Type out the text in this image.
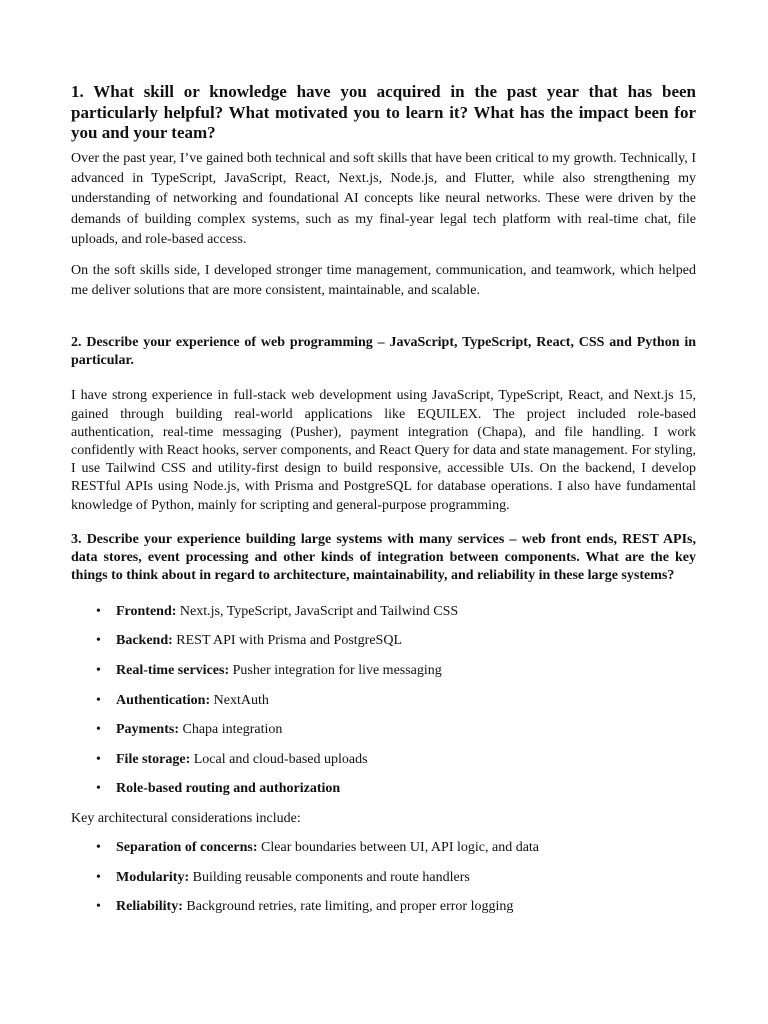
1. What skill or knowledge have you acquired in the past year that has been particularly helpful? What motivated you to learn it? What has the impact been for you and your team?

Over the past year, I’ve gained both technical and soft skills that have been critical to my growth. Technically, I advanced in TypeScript, JavaScript, React, Next.js, Node.js, and Flutter, while also strengthening my understanding of networking and foundational AI concepts like neural networks. These were driven by the demands of building complex systems, such as my final-year legal tech platform with real-time chat, file uploads, and role-based access.

On the soft skills side, I developed stronger time management, communication, and teamwork, which helped me deliver solutions that are more consistent, maintainable, and scalable.

2. Describe your experience of web programming – JavaScript, TypeScript, React, CSS and Python in particular.

I have strong experience in full-stack web development using JavaScript, TypeScript, React, and Next.js 15, gained through building real-world applications like EQUILEX. The project included role-based authentication, real-time messaging (Pusher), payment integration (Chapa), and file handling. I work confidently with React hooks, server components, and React Query for data and state management. For styling, I use Tailwind CSS and utility-first design to build responsive, accessible UIs. On the backend, I develop RESTful APIs using Node.js, with Prisma and PostgreSQL for database operations. I also have fundamental knowledge of Python, mainly for scripting and general-purpose programming.

3. Describe your experience building large systems with many services – web front ends, REST APIs, data stores, event processing and other kinds of integration between components. What are the key things to think about in regard to architecture, maintainability, and reliability in these large systems?
• Frontend: Next.js, TypeScript, JavaScript and Tailwind CSS
• Backend: REST API with Prisma and PostgreSQL
• Real-time services: Pusher integration for live messaging
• Authentication: NextAuth
• Payments: Chapa integration
• File storage: Local and cloud-based uploads
• Role-based routing and authorization

Key architectural considerations include:

• Separation of concerns: Clear boundaries between UI, API logic, and data
• Modularity: Building reusable components and route handlers
• Reliability: Background retries, rate limiting, and proper error logging
